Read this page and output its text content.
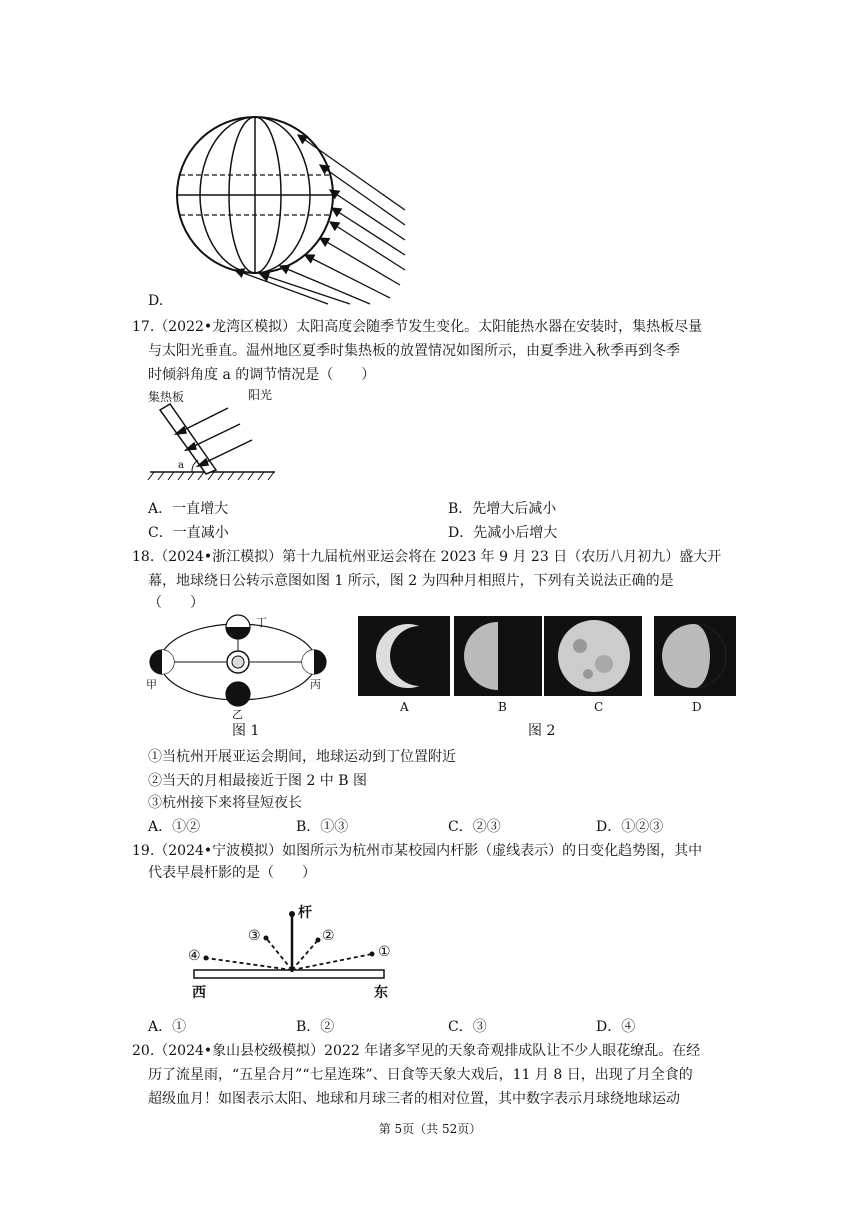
D.
17.（2022•龙湾区模拟）太阳高度会随季节发生变化。太阳能热水器在安装时，集热板尽量
与太阳光垂直。温州地区夏季时集热板的放置情况如图所示，由夏季进入秋季再到冬季
时倾斜角度 a 的调节情况是（　　）
集热板	阳光
a
A．一直增大	B．先增大后减小
C．一直减小	D．先减小后增大
18.（2024•浙江模拟）第十九届杭州亚运会将在 2023 年 9 月 23 日（农历八月初九）盛大开
幕，地球绕日公转示意图如图 1 所示，图 2 为四种月相照片，下列有关说法正确的是
（　　）
丁
甲
乙
丙
图 1
A	B	C	D
图 2
①当杭州开展亚运会期间，地球运动到丁位置附近
②当天的月相最接近于图 2 中 B 图
③杭州接下来将昼短夜长
A．①②	B．①③	C．②③	D．①②③
19.（2024•宁波模拟）如图所示为杭州市某校园内杆影（虚线表示）的日变化趋势图，其中
代表早晨杆影的是（　　）
杆
④
③	②
①
西	东
A．①	B．②	C．③	D．④
20.（2024•象山县校级模拟）2022 年诸多罕见的天象奇观排成队让不少人眼花缭乱。在经
历了流星雨，“五星合月”“七星连珠”、日食等天象大戏后，11 月 8 日，出现了月全食的
超级血月！如图表示太阳、地球和月球三者的相对位置，其中数字表示月球绕地球运动
第 5页（共 52页）
